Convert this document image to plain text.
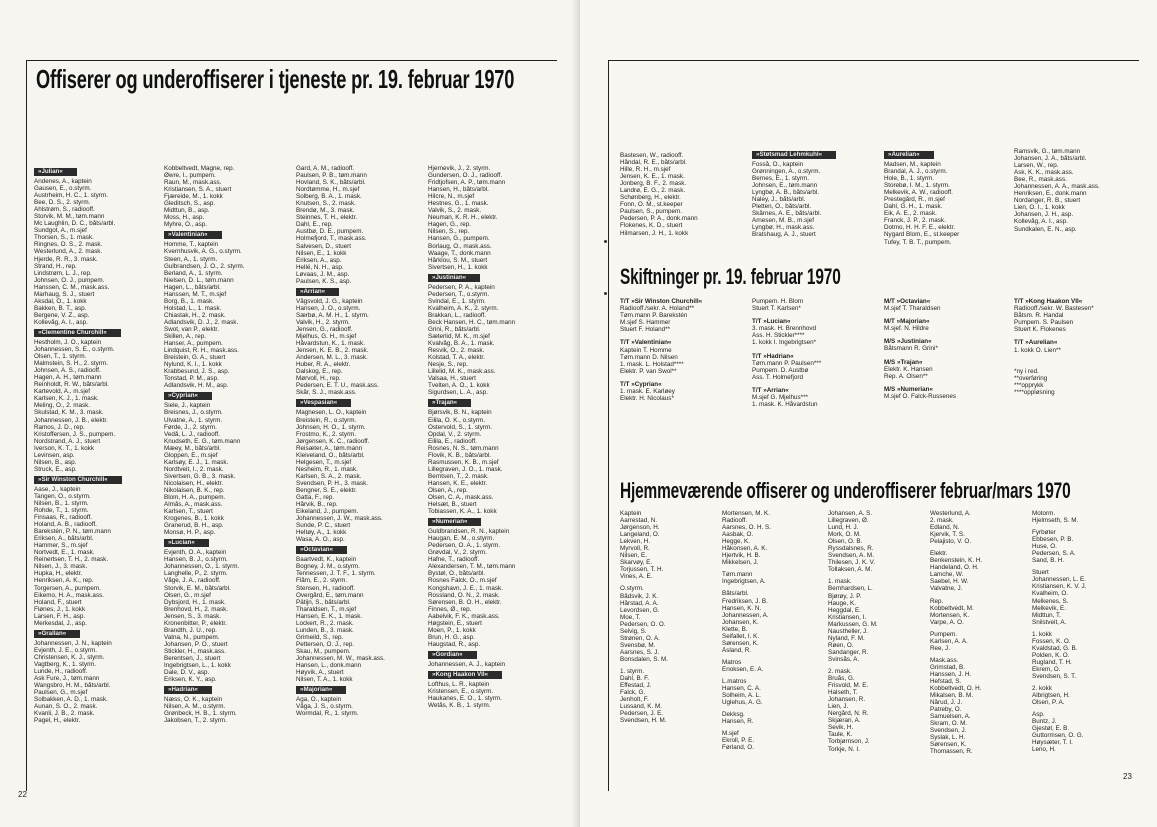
Offiserer og underoffiserer i tjeneste pr. 19. februar 1970
»Julian«
Andenes, A., kaptein
Gausen, E., o.styrm.
Austrheim, H. C., 1. styrm.
Bee, D. S., 2. styrm.
Ahlstrøm, S., radiooff.
Storvik, M. M., tøm.mann
Mc Laughlin, D. C., båts/arbl.
Sundgot, A., m.sjef
Thorsen, S., 1. mask.
Ringnes, O. S., 2. mask.
Westerlund, A., 2. mask.
Hjerde, R. R., 3. mask.
Strand, H., rep.
Lindstrøm, L. J., rep.
Johnsen, O. J., pumpem.
Hanssen, C. M., mask.ass.
Marhaug, S. J., stuert
Aksdal, O., 1. kokk
Bakken, B. T., asp.
Bergene, V. Z., asp.
Kollevåg, A. I., asp.
»Clementine Churchill«
Hestholm, J. O., kaptein
Johannessen, S. E., o.styrm.
Olsen, T., 1. styrm.
Malmstein, S. H., 2. styrm.
Johnsen, A. S., radiooff.
Hagen, A. H., tøm.mann
Reinholdt, R. W., båts/arbl.
Kartevold, A., m.sjef
Karlsen, K. J., 1. mask.
Meling, O., 2. mask.
Skulstad, K. M., 3. mask.
Johannessen, J. B., elektr.
Ramos, J. D., rep.
Kristoffersen, J. S., pumpem.
Nordstrand, A. J., stuert
Iverson, K. T., 1. kokk
Levinsen, asp.
Nilsen, B., asp.
Struck, E., asp.
»Sir Winston Churchill«
Aase, J., kaptein
Tangen, O., o.styrm.
Nilsen, B., 1. styrm.
Rohde, T., 1. styrm.
Finsaas, R., radiooff.
Holand, A. B., radiooff.
Barekstén, P. N., tøm.mann
Eriksen, A., båts/arbl.
Hammer, S., m.sjef
Nortvedt, E., 1. mask.
Reinertsen, T. H., 2. mask.
Nilsen, J., 3. mask.
Hupka, H., elektr.
Henriksen, A. K., rep.
Torgersen, A., pumpem.
Eikemo, H. A., mask.ass.
Holand, F., stuert
Flønes, J., 1. kokk
Larsen, F. H., asp.
Merkesdal, J., asp.
»Grallan«
Johannessen, J. N., kaptein
Evjenth, J. E., o.styrm.
Christensen, K. J., styrm.
Vagtberg, K., 1. styrm.
Lunde, H., radiooff.
Ask Fure, J., tøm.mann
Wangsbro, H. M., båts/arbl.
Paulsen, G., m.sjef
Solbakken, A. D., 1. mask.
Aunan, S. O., 2. mask.
Kvanli, J. B., 2. mask.
Pagel, H., elektr.
Kobbeltvedt, Magne, rep.
Øwre, I., pumpem.
Raun, M., mask.ass.
Kristiansen, S. A., stuert
Fjæreide, M., 1. kokk
Gleditsch, S., asp.
Midttun, B., asp.
Moss, H., asp.
Myhre, O., asp.
»Valentinian«
Homme, T., kaptein
Kvernhusvik, A. G., o.styrm.
Steen, A., 1. styrm.
Gulbrandsen, J. O., 2. styrm.
Berland, A., 1. styrm.
Nielsen, D. L., tøm.mann
Hagen, L., båts/arbl.
Hanssen, M. T., m.sjef
Borg, B., 1. mask.
Holstad, L., 1. mask.
Chiastak, H., 2. mask.
Adlandsvik, D. J., 2. mask.
Swot, van P., elektr.
Skillen, A., rep.
Hanser, A., pumpem.
Lindquist, R. H., mask.ass.
Breistein, G. A., stuert
Nylund, K. I., 1. kokk
Krabbesund, J. S., asp.
Tonstad, P. M., asp.
Adlandsvik, H. M., asp.
»Cyprian«
Siele, J., kaptein
Breisnes, J., o.styrm.
Ulvatne, A., 1. styrm.
Førde, J., 2. styrm.
Vedå, L. J., radiooff.
Knudseth, E. G., tøm.mann
Mæey, M., båts/arbl.
Gloppen, E., m.sjef
Karlsøy, E. J., 1. mask.
Nordtveit, I., 2. mask.
Sivertsen, G. B., 3. mask.
Nicolaisen, H., elektr.
Nikolaisen, B. K., rep.
Blom, H. A., pumpem.
Almås, A., mask.ass.
Karlsen, T., stuert
Krogenes, B., 1. kokk
Granerud, B. H., asp.
Monsø, H. P., asp.
»Lucian«
Evjenth, O. A., kaptein
Hansen, B. J., o.styrm.
Johannessen, O., 1. styrm.
Langhelle, P., 2. styrm.
Våge, J. A., radiooff.
Storvik, E. M., båts/arbl.
Olsen, G., m.sjef
Dybsjord, H., 1. mask.
Brenhovd, H., 2. mask.
Jensen, S., 3. mask.
Kronenbitter, P., elektr.
Brandth, J. U., rep.
Vatna, N., pumpem.
Johansen, P. O., stuert
Stickler, H., mask.ass.
Berentsen, J., stuert
Ingebrigtsen, L., 1. kokk
Dale, D. V., asp.
Eriksen, K. Y., asp.
»Hadrian«
Næss, O. K., kaptein
Nilsen, A. M., o.styrm.
Grønbeck, H. B., 1. styrm.
Jakobsen, T., 2. styrm.
Gard, A. M., radiooff.
Paulsen, P. B., tøm.mann
Hovland, S. K., båts/arbl.
Nordtømme, H., m.sjef
Solberg, B. A., 1. mask.
Knutsen, S., 2. mask.
Brendø, M., 3. mask.
Steinnes, T. H., elektr.
Dahl, E., rep.
Austbø, D. E., pumpem.
Holmefjord, T., mask.ass.
Salvesen, D., stuert
Nilsen, E., 1. kokk
Eriksen, A., asp.
Hellé, N. H., asp.
Løvaas, J. M., asp.
Paulsen, K. S., asp.
»Arrian«
Vågsvold, J. G., kaptein
Hansen, J. O., o.styrm.
Særbø, A. M. H., 1. styrm.
Valvik, H., 2. styrm.
Jensen, G., radiooff.
Mjelhus, G. H., m.sjef
Håvardstun, K., 1. mask.
Jensen, K. E. B., 2. mask.
Andersen, M. L., 3. mask.
Huber, R. A., elektr.
Dalskog, E., rep.
Mørvoll, H., rep.
Pedersen, E. T. U., mask.ass.
Skår, S. J., mask.ass.
»Vespasian«
Magnesen, L. O., kaptein
Breistein, R., o.styrm.
Johnsen, H. O., 1. styrm.
Frostmo, K., 2. styrm.
Jørgensen, K. C., radiooff.
Reisæter, A., tøm.mann
Kleiveland, O., båts/arbl.
Helgesen, T., m.sjef
Nesheim, R., 1. mask.
Karlsen, S. A., 2. mask.
Svendsen, P. H., 3. mask.
Bengner, S. E., elektr.
Gatta, F., rep.
Hårvik, B., rep.
Eikeland, J., pumpem.
Johannessen, J. W., mask.ass.
Sunde, P. C., stuert
Heltøy, A., 1. kokk
Wasa, A. O., asp.
»Octavian«
Baartvedt, K., kaptein
Bogney, J. M., o.styrm.
Tennessen, J. T. F., 1. styrm.
Flåm, E., 2. styrm.
Stensen, H., radiooff.
Overgård, E., tøm.mann
Pätijn, S., båts/arbl.
Tharaldsen, T., m.sjef
Hansen, E. K., 1. mask.
Lockert, R., 2. mask.
Lunden, B., 3. mask.
Grimeild, S., rep.
Pettersen, O. J., rep.
Skau, M., pumpem.
Johannessen, M. W., mask.ass.
Hansen, L., donk.mann
Høyvik, A., stuert
Nilsen, T. A., 1. kokk
»Majorian«
Aga, O., kaptein
Våga, J. S., o.styrm.
Wormdal, R., 1. styrm.
Hjernevik, J., 2. styrm.
Gundersen, O. J., radiooff.
Fridtjofsen, A. P., tøm.mann
Hansen, H., båts/arbl.
Hilcre, N., m.sjef
Hestnes, G., 1. mask.
Valvik, S., 2. mask.
Neuman, K. R. H., elektr.
Hagen, G., rep.
Nilsen, S., rep.
Hansen, G., pumpem.
Borlaug, O., mask.ass.
Waage, T., donk.mann
Hårklou, S. M., stuert
Sivertsen, H., 1. kokk
»Justinian«
Pedersen, P. A., kaptein
Pedersen, T., o.styrm.
Svindal, E., 1. styrm.
Kvalheim, A. K., 2. styrm.
Brakkan, L., radiooff.
Beck Hansen, H. C., tøm.mann
Grini, R., båts/arbl.
Sæterlid, M. K., m.sjef
Kvalvåg, B. A., 1. mask.
Resvik, O., 2. mask.
Kolstad, T. A., elektr.
Nesje, S., rep.
Lillelid, M. K., mask.ass.
Valsaa, H., stuert
Tvelten, A. O., 1. kokk
Sigurdsen, L. A., asp.
»Trajan«
Bjørsvik, B. N., kaptein
Eilila, O. K., o.styrm.
Ostervold, S., 1. styrm.
Opdal, V., 2. styrm.
Eilila, E., radiooff.
Rosnes, N. S., tøm.mann
Flovik, K. B., båts/arbl.
Rasmussen, K. B., m.sjef
Lillegraven, J. O., 1. mask.
Berntsen, T., 2. mask.
Hansen, K. E., elektr.
Olsen, A., rep.
Olsen, C. A., mask.ass.
Helsæt, B., stuert
Tobiassen, K. A., 1. kokk
»Numerian«
Guldbrandsen, R. N., kaptein
Haugan, E. M., o.styrm.
Pedersen, O. A., 1. styrm.
Grøvdal, V., 2. styrm.
Hafne, T., radiooff.
Alexandersen, T. M., tøm.mann
Bystøl, O., båts/arbl.
Rosnes Falck, O., m.sjef
Kongshavn, J. E., 1. mask.
Rossland, O. N., 2. mask.
Sørensen, B. O. H., elektr.
Finnes, Ø., rep.
Aabelvik, F. K., mask.ass.
Høgstein, E., stuert
Moen, P., 1. kokk
Brun, H. G., asp.
Haugstad, R., asp.
»Gordian«
Johannessen, A. J., kaptein
»Kong Haakon VII«
Lofthus, L. R., kaptein
Kristensen, E., o.styrm.
Haukanes, E. O., 1. styrm.
Wetås, K. B., 1. styrm.
22
Bastesen, W., radiooff.
Håndal, R. E., båts/arbl.
Hille, R. H., m.sjef
Jensen, K. E., 1. mask.
Jonberg, B. F., 2. mask.
Landrø, E. G., 2. mask.
Schønberg, H., elektr.
Fonn, O. M., st.keeper
Paulsen, S., pumpem.
Pedersen, P. A., donk.mann
Flokenes, K. D., stuert
Hilmarsen, J. H., 1. kokk
»Støtsmad Lehmkuhl«
Fosså, O., kaptein
Grønningen, A., o.styrm.
Bernes, E., 1. styrm.
Johnsen, E., tøm.mann
Lyngbø, A. B., båts/arbl.
Naley, J., båts/arbl.
Pletten, O., båts/arbl.
Skårnes, A. E., båts/arbl.
Arnesen, M. B., m.sjef
Lyngbø, H., mask.ass.
Bratshaug, A. J., stuert
»Aurelian«
Madsen, M., kaptein
Brandal, A. J., o.styrm.
Hole, B., 1. styrm.
Storebø, I. M., 1. styrm.
Melkevik, A. W., radiooff.
Prestegård, R., m.sjef
Dahl, G. H., 1. mask.
Eik, A. E., 2. mask.
Franck, J. P., 2. mask.
Dotmo, H. H. F. E., elektr.
Nygard Blom, E., st.keeper
Tufey, T. B. T., pumpem.
Ramsvik, G., tøm.mann
Johansen, J. A., båts/arbl.
Larsen, W., rep.
Ask, K. K., mask.ass.
Bee, R., mask.ass.
Johannessen, A. A., mask.ass.
Henriksen, E., donk.mann
Nordanger, R. B., stuert
Lien, O. I., 1. kokk
Johansen, J. H., asp.
Kollevåg, A. I., asp.
Sundkalen, E. N., asp.
Skiftninger pr. 19. februar 1970
T/T »Sir Winston Churchill«
Radiooff./sekr. A. Holand**
Tøm.mann P. Barekstén
M.sjef S. Hammer
Stuert F. Holand**
T/T »Valentinian«
Kaptein T. Homme
Tøm.mann D. Nilsen
1. mask. L. Holstad****
Elektr. P. van Swol**
T/T »Cyprian«
1. mask. E. Karløey
Elektr. H. Nicolaus*
Pumpem. H. Blom
Stuert T. Karlsen*
T/T »Lucian«
3. mask. H. Brennhovd
Ass. H. Stickler****
1. kokk I. Ingebrigtsen*
T/T »Hadrian«
Tøm.mann P. Paulsen***
Pumpem. D. Austbø
Ass. T. Holmefjord
T/T »Arrian«
M.sjef G. Mjelhus***
1. mask. K. Håvardstun
M/T »Octavian«
M.sjef T. Tharaldsen
M/T »Majorian«
M.sjef. N. Hildre
M/S »Justinian«
Båtsmann R. Grini*
M/S »Trajan«
Elektr. K. Hansen
Rep. A. Olsen**
M/S »Numerian«
M.sjef O. Falck-Russenes
T/T »Kong Haakon VII«
Radiooff./sekr. W. Bastesen*
Båtsm. R. Handal
Pumpem. S. Paulsen
Stuert K. Flokenes
T/T »Aurelian«
1. kokk O. Lien**
*ny i red.
**overføring
***opprykk
****oppløsning
Hjemmeværende offiserer og underoffiserer februar/mars 1970
Kaptein
Aarrestad, N.
Jørgenson, H.
Langeland, O.
Lekven, H.
Myrvoll, R.
Nilsen, E.
Skarvøy, E.
Torjussen, T. H.
Vines, A. E.
O.styrm.
Bådsvik, J. K.
Hårstad, A. A.
Levordsen, G.
Moe, T.
Pedersen, O. O.
Selvig, S.
Strønen, O. A.
Svensbø, M.
Aarsnes, S. J.
Bonsdalen, S. M.
1. styrm.
Dahl, B. F.
Effestad, J.
Falck, G.
Jenholt, F.
Lussand, K. M.
Pedersen, J. E.
Svendsen, H. M.
Mortensen, M. K.
Radiooff.
Aarsnes, O. H. S.
Aasbak, O.
Hegge, K.
Håkonsen, A. K.
Hjertvik, H. B.
Mikkelsen, J.
Tøm.mann
Ingebrigtsen, A.
Båts/arbl.
Fredriksen, J. B.
Hansen, K. N.
Johannessen, A.
Johansen, K.
Klette, B.
Seifallet, I. K.
Sørensen, K.
Åsland, R.
Matros
Enoksen, E. A.
L.matros
Hansen, C. A.
Solheim, A. L.
Uglehus, A. G.
Dekksg.
Hansen, R.
M.sjef
Ekroll, P. E.
Førland, O.
Johansen, A. S.
Lillegraven, Ø.
Lund, H. J.
Mork, O. M.
Olsen, O. B.
Ryssdalsnes, R.
Svendsen, A. M.
Thilesen, J. K. V.
Tollaksen, A. M.
1. mask.
Bernhardsen, L.
Bjørøy, J. P.
Hauge, K.
Heggdal, E.
Kristiansen, I.
Markussen, G. M.
Naustheller, J.
Nyland, F. M.
Røen, O.
Sandanger, R.
Svinsås, A.
2. mask.
Bruås, G.
Frisvold, M. E.
Halseth, T.
Johansen, R.
Lien, J.
Nergård, N. R.
Skjæran, A.
Sevik, H.
Taule, K.
Torbjørnson, J.
Torkje, N. I.
Westerlund, A.
2. mask.
Edland, N.
Kjervik, T. S.
Pelajisto, V. O.
Elektr.
Benkenstein, K. H.
Handeland, O. H.
Lamche, W.
Saebel, H. W.
Valvatne, J.
Rep.
Kobbeltvedt, M.
Mortensen, K.
Varpe, A. O.
Pumpem.
Karlsen, A. A.
Ree, J.
Mask.ass.
Grimstad, B.
Hanssen, J. H.
Hefstad, S.
Kobbeltvedt, O. H.
Mikalsen, B. M.
Nårud, J. J.
Patreby, O.
Samuelsen, A.
Skram, O. M.
Svendsen, J.
Syslak, L. H.
Sørensen, K.
Thomassen, R.
Motorm.
Hjelmseth, S. M.
Fyrbøter
Ebbesen, P. B.
Huse, O.
Pedersen, S. A.
Sand, B. H.
Stuert
Johannessen, L. E.
Kristiansen, K. V. J.
Kvalheim, O.
Melkenes, S.
Melkevik, E.
Midttun, T.
Snilstveit, A.
1. kokk
Fossen, K. O.
Kvaldstad, G. B.
Polden, K. O.
Rugland, T. H.
Ekrem, O.
Svendsen, S. T.
2. kokk
Albrigtsen, H.
Olsen, P. A.
Asp.
Buntz, J.
Gjestøl, E. B.
Guttormsen, O. G.
Høysæter, T. I.
Leno, H.
23
